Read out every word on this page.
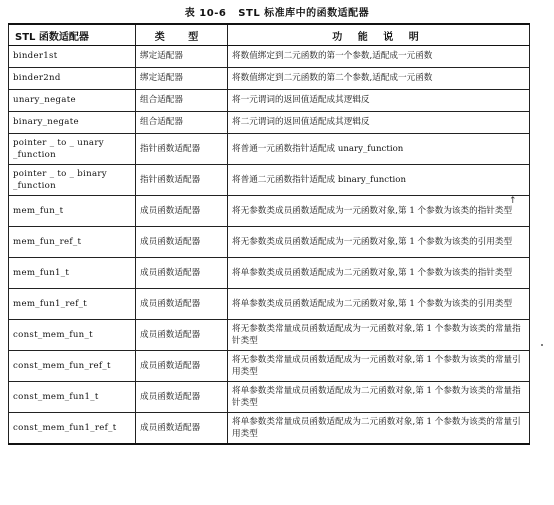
表 10-6 STL 标准库中的函数适配器
STL 函数适配器	类 型	功 能 说 明
binder1st	绑定适配器	将数值绑定到二元函数的第一个参数,适配成一元函数
binder2nd	绑定适配器	将数值绑定到二元函数的第二个参数,适配成一元函数
unary_negate	组合适配器	将一元谓词的返回值适配成其逻辑反
binary_negate	组合适配器	将二元谓词的返回值适配成其逻辑反
pointer _ to _ unary _function	指针函数适配器	将普通一元函数指针适配成 unary_function
pointer _ to _ binary _function	指针函数适配器	将普通二元函数指针适配成 binary_function
mem_fun_t	成员函数适配器	将无参数类成员函数适配成为一元函数对象,第 1 个参数为该类的指针类型
mem_fun_ref_t	成员函数适配器	将无参数类成员函数适配成为一元函数对象,第 1 个参数为该类的引用类型
mem_fun1_t	成员函数适配器	将单参数类成员函数适配成为二元函数对象,第 1 个参数为该类的指针类型
mem_fun1_ref_t	成员函数适配器	将单参数类成员函数适配成为二元函数对象,第 1 个参数为该类的引用类型
const_mem_fun_t	成员函数适配器	将无参数类常量成员函数适配成为一元函数对象,第 1 个参数为该类的常量指针类型
const_mem_fun_ref_t	成员函数适配器	将无参数类常量成员函数适配成为一元函数对象,第 1 个参数为该类的常量引用类型
const_mem_fun1_t	成员函数适配器	将单参数类常量成员函数适配成为二元函数对象,第 1 个参数为该类的常量指针类型
const_mem_fun1_ref_t	成员函数适配器	将单参数类常量成员函数适配成为二元函数对象,第 1 个参数为该类的常量引用类型
↑
